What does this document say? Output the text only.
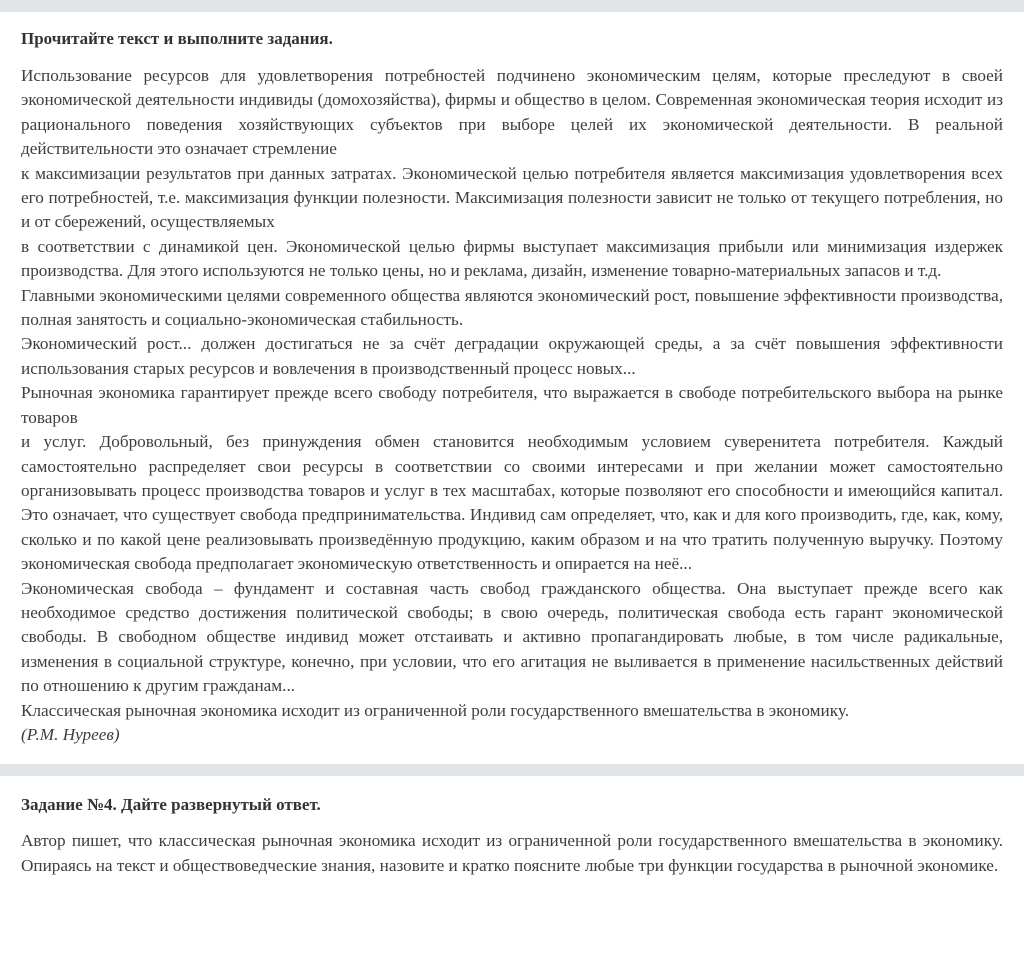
Прочитайте текст и выполните задания.

Использование ресурсов для удовлетворения потребностей подчинено экономическим целям, которые преследуют в своей экономической деятельности индивиды (домохозяйства), фирмы и общество в целом. Современная экономическая теория исходит из рационального поведения хозяйствующих субъектов при выборе целей их экономической деятельности. В реальной действительности это означает стремление

к максимизации результатов при данных затратах. Экономической целью потребителя является максимизация удовлетворения всех его потребностей, т.е. максимизация функции полезности. Максимизация полезности зависит не только от текущего потребления, но и от сбережений, осуществляемых

в соответствии с динамикой цен. Экономической целью фирмы выступает максимизация прибыли или минимизация издержек производства. Для этого используются не только цены, но и реклама, дизайн, изменение товарно-материальных запасов и т.д.

Главными экономическими целями современного общества являются экономический рост, повышение эффективности производства, полная занятость и социально-экономическая стабильность.

Экономический рост... должен достигаться не за счёт деградации окружающей среды, а за счёт повышения эффективности использования старых ресурсов и вовлечения в производственный процесс новых...

Рыночная экономика гарантирует прежде всего свободу потребителя, что выражается в свободе потребительского выбора на рынке товаров

и услуг. Добровольный, без принуждения обмен становится необходимым условием суверенитета потребителя. Каждый самостоятельно распределяет свои ресурсы в соответствии со своими интересами и при желании может самостоятельно организовывать процесс производства товаров и услуг в тех масштабах, которые позволяют его способности и имеющийся капитал. Это означает, что существует свобода предпринимательства. Индивид сам определяет, что, как и для кого производить, где, как, кому, сколько и по какой цене реализовывать произведённую продукцию, каким образом и на что тратить полученную выручку. Поэтому экономическая свобода предполагает экономическую ответственность и опирается на неё...

Экономическая свобода – фундамент и составная часть свобод гражданского общества. Она выступает прежде всего как необходимое средство достижения политической свободы; в свою очередь, политическая свобода есть гарант экономической свободы. В свободном обществе индивид может отстаивать и активно пропагандировать любые, в том числе радикальные, изменения в социальной структуре, конечно, при условии, что его агитация не выливается в применение насильственных действий по отношению к другим гражданам...

Классическая рыночная экономика исходит из ограниченной роли государственного вмешательства в экономику.

(Р.М. Нуреев)

Задание №4. Дайте развернутый ответ.

Автор пишет, что классическая рыночная экономика исходит из ограниченной роли государственного вмешательства в экономику. Опираясь на текст и обществоведческие знания, назовите и кратко поясните любые три функции государства в рыночной экономике.
